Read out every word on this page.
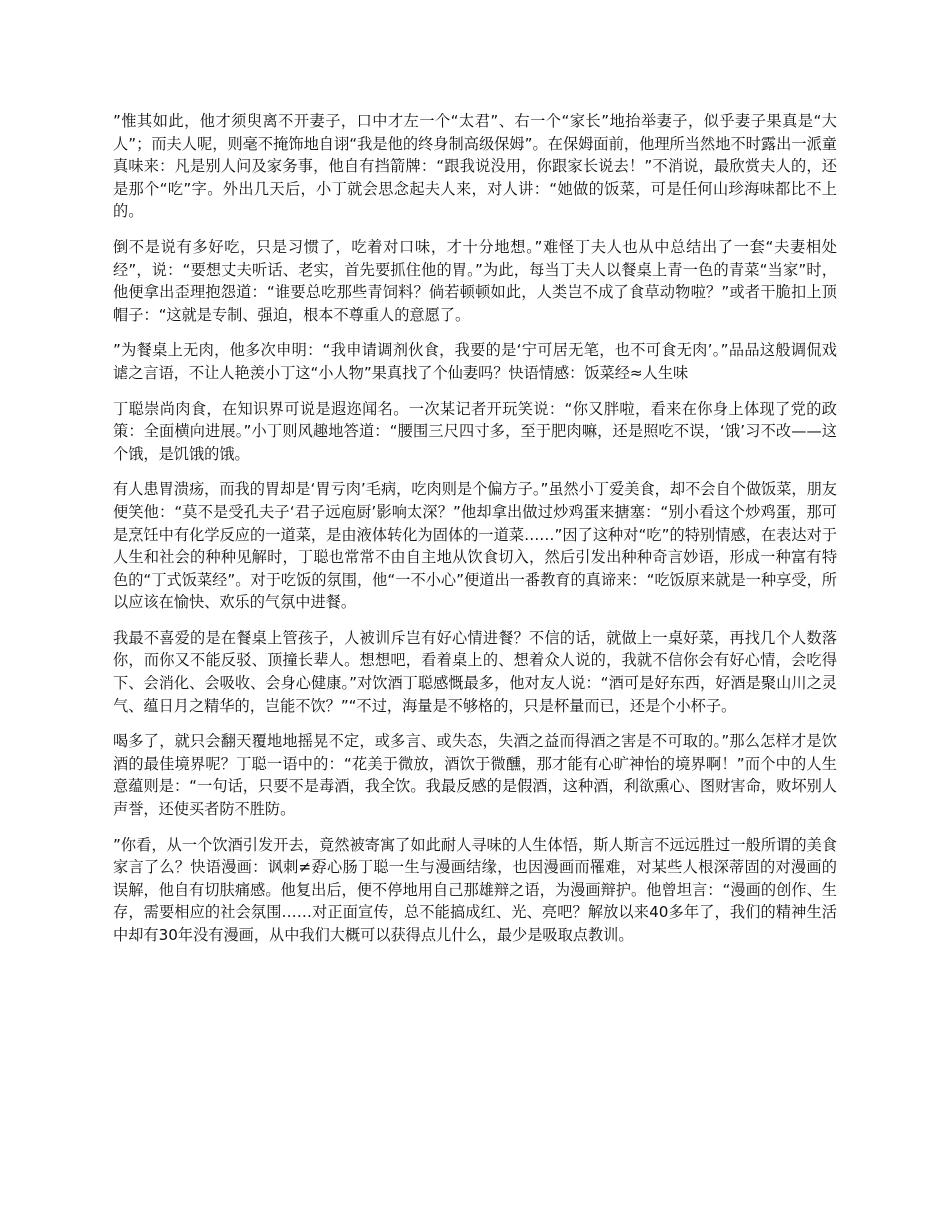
”惟其如此，他才须臾离不开妻子，口中才左一个“太君”、右一个“家长”地抬举妻子，似乎妻子果真是“大人”；而夫人呢，则毫不掩饰地自诩“我是他的终身制高级保姆”。在保姆面前，他理所当然地不时露出一派童真味来：凡是别人问及家务事，他自有挡箭牌：“跟我说没用，你跟家长说去！”不消说，最欣赏夫人的，还是那个“吃”字。外出几天后，小丁就会思念起夫人来，对人讲：“她做的饭菜，可是任何山珍海味都比不上的。

倒不是说有多好吃，只是习惯了，吃着对口味，才十分地想。”难怪丁夫人也从中总结出了一套“夫妻相处经”，说：“要想丈夫听话、老实，首先要抓住他的胃。”为此，每当丁夫人以餐桌上青一色的青菜“当家”时，他便拿出歪理抱怨道：“谁要总吃那些青饲料？倘若顿顿如此，人类岂不成了食草动物啦？”或者干脆扣上顶帽子：“这就是专制、强迫，根本不尊重人的意愿了。

”为餐桌上无肉，他多次申明：“我申请调剂伙食，我要的是‘宁可居无笔，也不可食无肉’。”品品这般调侃戏谑之言语，不让人艳羡小丁这“小人物”果真找了个仙妻吗？快语情感：饭菜经≈人生味

丁聪崇尚肉食，在知识界可说是遐迩闻名。一次某记者开玩笑说：“你又胖啦，看来在你身上体现了党的政策：全面横向进展。”小丁则风趣地答道：“腰围三尺四寸多，至于肥肉嘛，还是照吃不误，‘饿’习不改——这个饿，是饥饿的饿。

有人患胃溃疡，而我的胃却是‘胃亏肉’毛病，吃肉则是个偏方子。”虽然小丁爱美食，却不会自个做饭菜，朋友便笑他：“莫不是受孔夫子‘君子远庖厨’影响太深？”他却拿出做过炒鸡蛋来搪塞：“别小看这个炒鸡蛋，那可是烹饪中有化学反应的一道菜，是由液体转化为固体的一道菜……”因了这种对“吃”的特别情感，在表达对于人生和社会的种种见解时，丁聪也常常不由自主地从饮食切入，然后引发出种种奇言妙语，形成一种富有特色的“丁式饭菜经”。对于吃饭的氛围，他“一不小心”便道出一番教育的真谛来：“吃饭原来就是一种享受，所以应该在愉快、欢乐的气氛中进餐。

我最不喜爱的是在餐桌上管孩子，人被训斥岂有好心情进餐？不信的话，就做上一桌好菜，再找几个人数落你，而你又不能反驳、顶撞长辈人。想想吧，看着桌上的、想着众人说的，我就不信你会有好心情，会吃得下、会消化、会吸收、会身心健康。”对饮酒丁聪感慨最多，他对友人说：“酒可是好东西，好酒是聚山川之灵气、蕴日月之精华的，岂能不饮？”“不过，海量是不够格的，只是杯量而已，还是个小杯子。

喝多了，就只会翻天覆地地摇晃不定，或多言、或失态，失酒之益而得酒之害是不可取的。”那么怎样才是饮酒的最佳境界呢？丁聪一语中的：“花美于微放，酒饮于微醺，那才能有心旷神怡的境界啊！”而个中的人生意蕴则是：“一句话，只要不是毒酒，我全饮。我最反感的是假酒，这种酒，利欲熏心、图财害命，败坏别人声誉，还使买者防不胜防。

”你看，从一个饮酒引发开去，竟然被寄寓了如此耐人寻味的人生体悟，斯人斯言不远远胜过一般所谓的美食家言了么？快语漫画：讽刺≠孬心肠丁聪一生与漫画结缘，也因漫画而罹难，对某些人根深蒂固的对漫画的误解，他自有切肤痛感。他复出后，便不停地用自己那雄辩之语，为漫画辩护。他曾坦言：“漫画的创作、生存，需要相应的社会氛围……对正面宣传，总不能搞成红、光、亮吧？解放以来40多年了，我们的精神生活中却有30年没有漫画，从中我们大概可以获得点儿什么，最少是吸取点教训。
